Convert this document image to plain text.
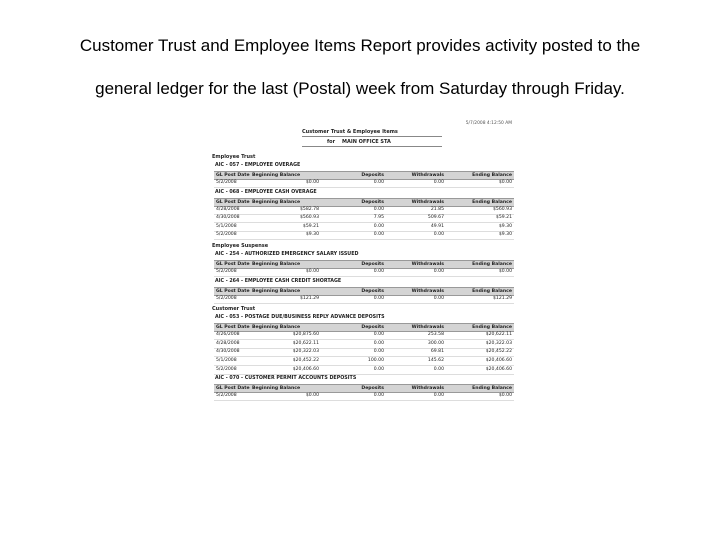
Customer Trust and Employee Items Report provides activity posted to the
general ledger for the last (Postal) week from Saturday through Friday.
5/7/2008 4:12:50 AM
Customer Trust & Employee Items
for MAIN OFFICE STA
Employee Trust
AIC - 057 - EMPLOYEE OVERAGE
GL Post Date Beginning Balance	Deposits	Withdrawals	Ending Balance
5/2/2008	$0.00	0.00	0.00	$0.00
AIC - 068 - EMPLOYEE CASH OVERAGE
GL Post Date Beginning Balance	Deposits	Withdrawals	Ending Balance
4/28/2008	$582.78	0.00	21.85	$560.93
4/30/2008	$560.93	7.95	509.67	$59.21
5/1/2008	$59.21	0.00	49.91	$9.30
5/2/2008	$9.30	0.00	0.00	$9.30
Employee Suspense
AIC - 254 - AUTHORIZED EMERGENCY SALARY ISSUED
GL Post Date Beginning Balance	Deposits	Withdrawals	Ending Balance
5/2/2008	$0.00	0.00	0.00	$0.00
AIC - 264 - EMPLOYEE CASH CREDIT SHORTAGE
GL Post Date Beginning Balance	Deposits	Withdrawals	Ending Balance
5/2/2008	$121.29	0.00	0.00	$121.29
Customer Trust
AIC - 053 - POSTAGE DUE/BUSINESS REPLY ADVANCE DEPOSITS
GL Post Date Beginning Balance	Deposits	Withdrawals	Ending Balance
4/26/2008	$20,875.60	0.00	253.58	$20,622.11
4/28/2008	$20,622.11	0.00	300.00	$20,322.03
4/30/2008	$20,322.03	0.00	69.81	$20,452.22
5/1/2008	$20,452.22	100.00	145.62	$20,406.60
5/2/2008	$20,406.60	0.00	0.00	$20,406.60
AIC - 070 - CUSTOMER PERMIT ACCOUNTS DEPOSITS
GL Post Date Beginning Balance	Deposits	Withdrawals	Ending Balance
5/2/2008	$0.00	0.00	0.00	$0.00
